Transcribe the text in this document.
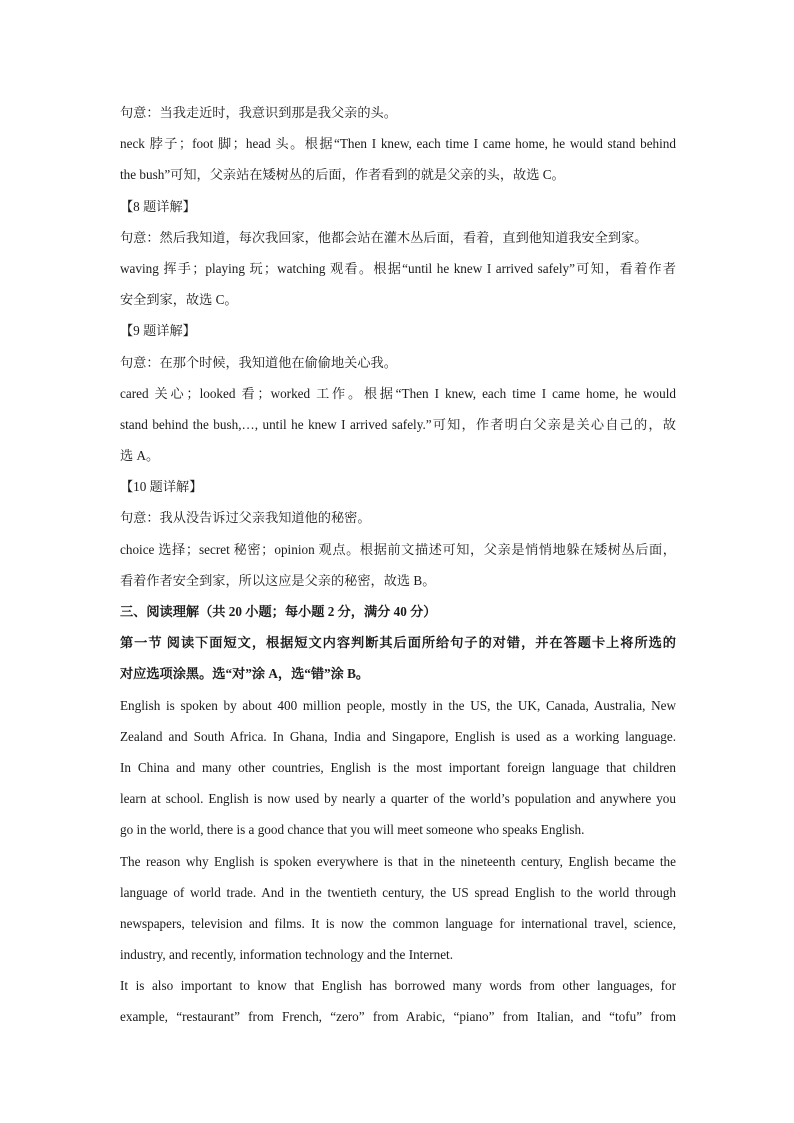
句意：当我走近时，我意识到那是我父亲的头。
neck 脖子；foot 脚；head 头。根据“Then I knew, each time I came home, he would stand behind
the bush”可知，父亲站在矮树丛的后面，作者看到的就是父亲的头，故选 C。
【8 题详解】
句意：然后我知道，每次我回家，他都会站在灌木丛后面，看着，直到他知道我安全到家。
waving 挥手；playing 玩；watching 观看。根据“until he knew I arrived safely”可知，看着作者
安全到家，故选 C。
【9 题详解】
句意：在那个时候，我知道他在偷偷地关心我。
cared 关心；looked 看；worked 工作。根据“Then I knew, each time I came home, he would
stand behind the bush,…, until he knew I arrived safely.”可知，作者明白父亲是关心自己的，故
选 A。
【10 题详解】
句意：我从没告诉过父亲我知道他的秘密。
choice 选择；secret 秘密；opinion 观点。根据前文描述可知，父亲是悄悄地躲在矮树丛后面，
看着作者安全到家，所以这应是父亲的秘密，故选 B。
三、阅读理解（共 20 小题；每小题 2 分，满分 40 分）
第一节 阅读下面短文，根据短文内容判断其后面所给句子的对错，并在答题卡上将所选的
对应选项涂黑。选“对”涂 A，选“错”涂 B。
English is spoken by about 400 million people, mostly in the US, the UK, Canada, Australia, New
Zealand and South Africa. In Ghana, India and Singapore, English is used as a working language.
In China and many other countries, English is the most important foreign language that children
learn at school. English is now used by nearly a quarter of the world’s population and anywhere you
go in the world, there is a good chance that you will meet someone who speaks English.
The reason why English is spoken everywhere is that in the nineteenth century, English became the
language of world trade. And in the twentieth century, the US spread English to the world through
newspapers, television and films. It is now the common language for international travel, science,
industry, and recently, information technology and the Internet.
It is also important to know that English has borrowed many words from other languages, for
example, “restaurant” from French, “zero” from Arabic, “piano” from Italian, and “tofu” from
